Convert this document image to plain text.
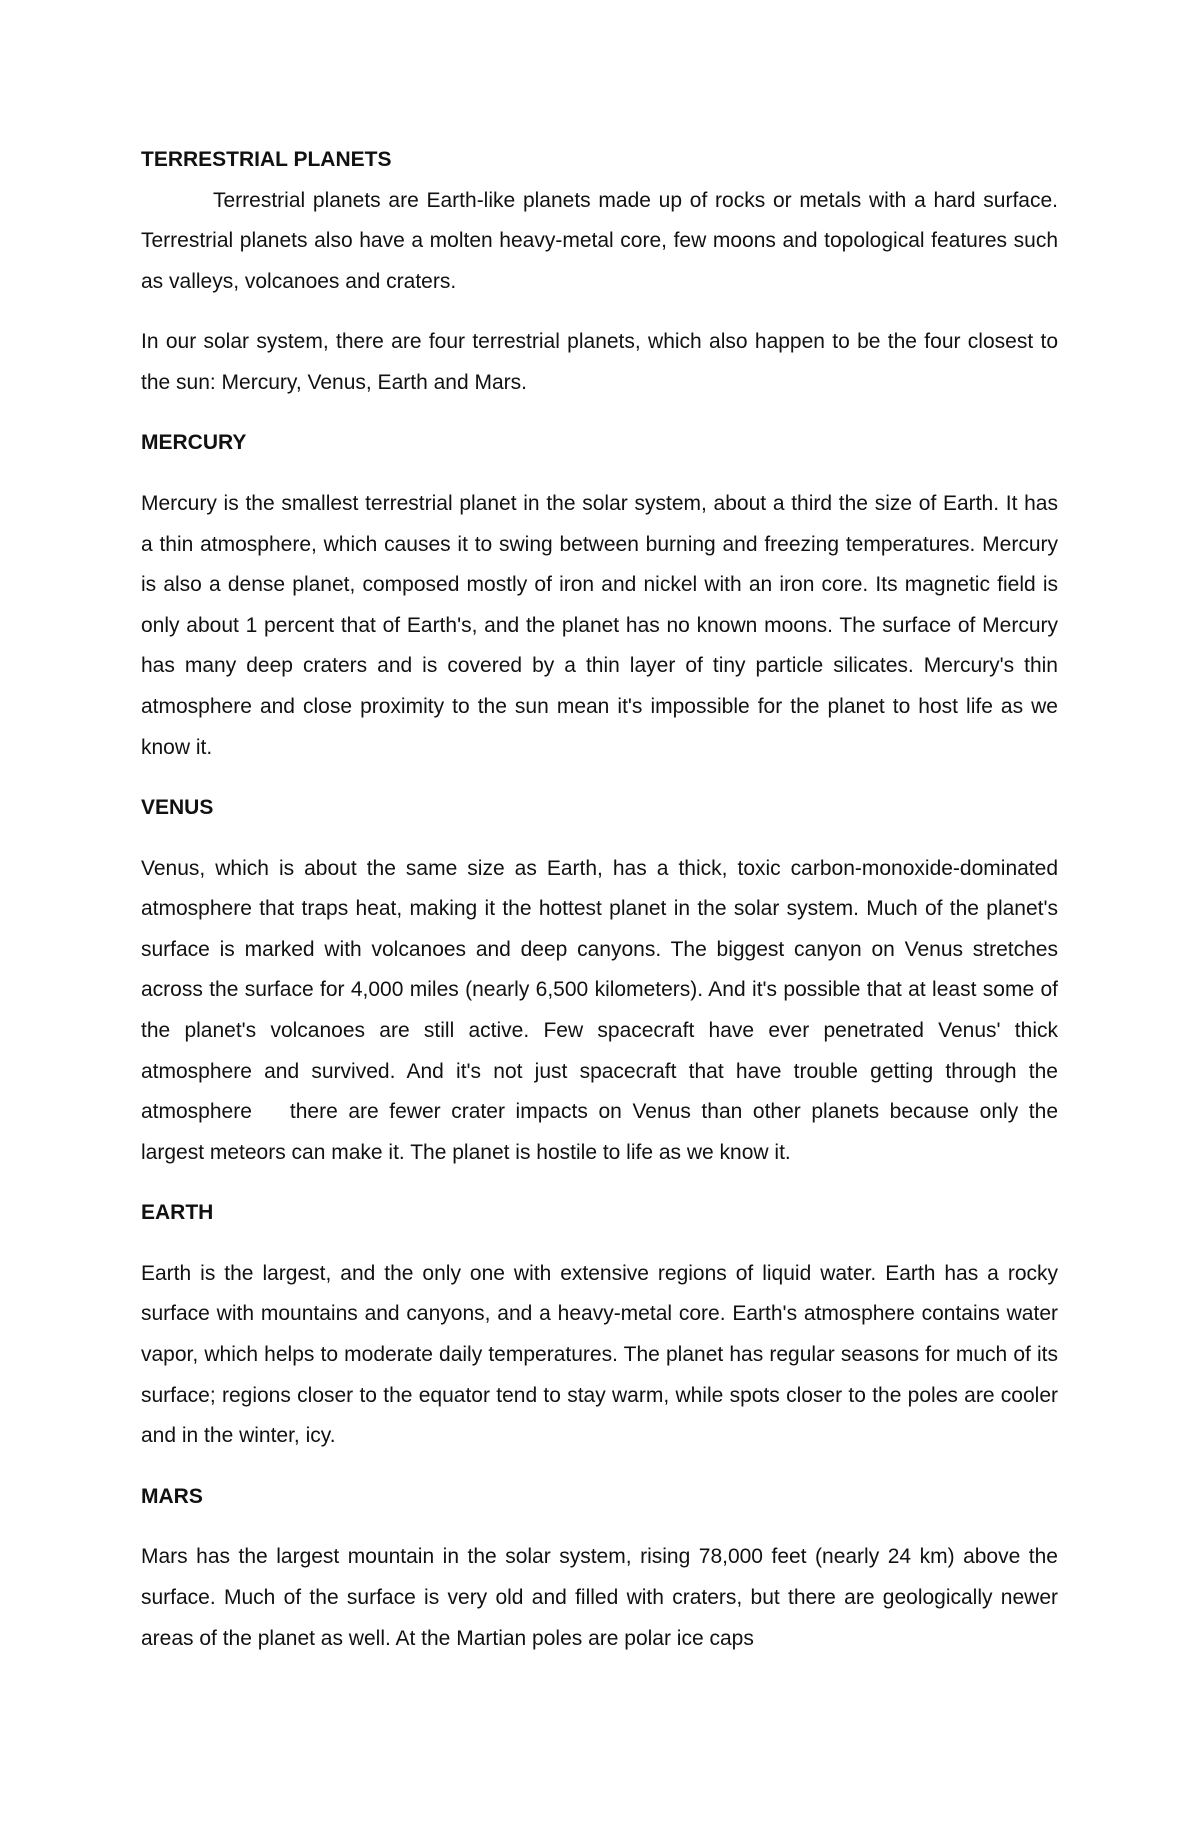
TERRESTRIAL PLANETS

Terrestrial planets are Earth-like planets made up of rocks or metals with a hard surface. Terrestrial planets also have a molten heavy-metal core, few moons and topological features such as valleys, volcanoes and craters.

In our solar system, there are four terrestrial planets, which also happen to be the four closest to the sun: Mercury, Venus, Earth and Mars.

MERCURY

Mercury is the smallest terrestrial planet in the solar system, about a third the size of Earth. It has a thin atmosphere, which causes it to swing between burning and freezing temperatures. Mercury is also a dense planet, composed mostly of iron and nickel with an iron core. Its magnetic field is only about 1 percent that of Earth's, and the planet has no known moons. The surface of Mercury has many deep craters and is covered by a thin layer of tiny particle silicates. Mercury's thin atmosphere and close proximity to the sun mean it's impossible for the planet to host life as we know it.

VENUS

Venus, which is about the same size as Earth, has a thick, toxic carbon-monoxide-dominated atmosphere that traps heat, making it the hottest planet in the solar system. Much of the planet's surface is marked with volcanoes and deep canyons. The biggest canyon on Venus stretches across the surface for 4,000 miles (nearly 6,500 kilometers). And it's possible that at least some of the planet's volcanoes are still active. Few spacecraft have ever penetrated Venus' thick atmosphere and survived. And it's not just spacecraft that have trouble getting through the atmosphere  there are fewer crater impacts on Venus than other planets because only the largest meteors can make it. The planet is hostile to life as we know it.

EARTH

Earth is the largest, and the only one with extensive regions of liquid water. Earth has a rocky surface with mountains and canyons, and a heavy-metal core. Earth's atmosphere contains water vapor, which helps to moderate daily temperatures. The planet has regular seasons for much of its surface; regions closer to the equator tend to stay warm, while spots closer to the poles are cooler and in the winter, icy.

MARS

Mars has the largest mountain in the solar system, rising 78,000 feet (nearly 24 km) above the surface. Much of the surface is very old and filled with craters, but there are geologically newer areas of the planet as well. At the Martian poles are polar ice caps
